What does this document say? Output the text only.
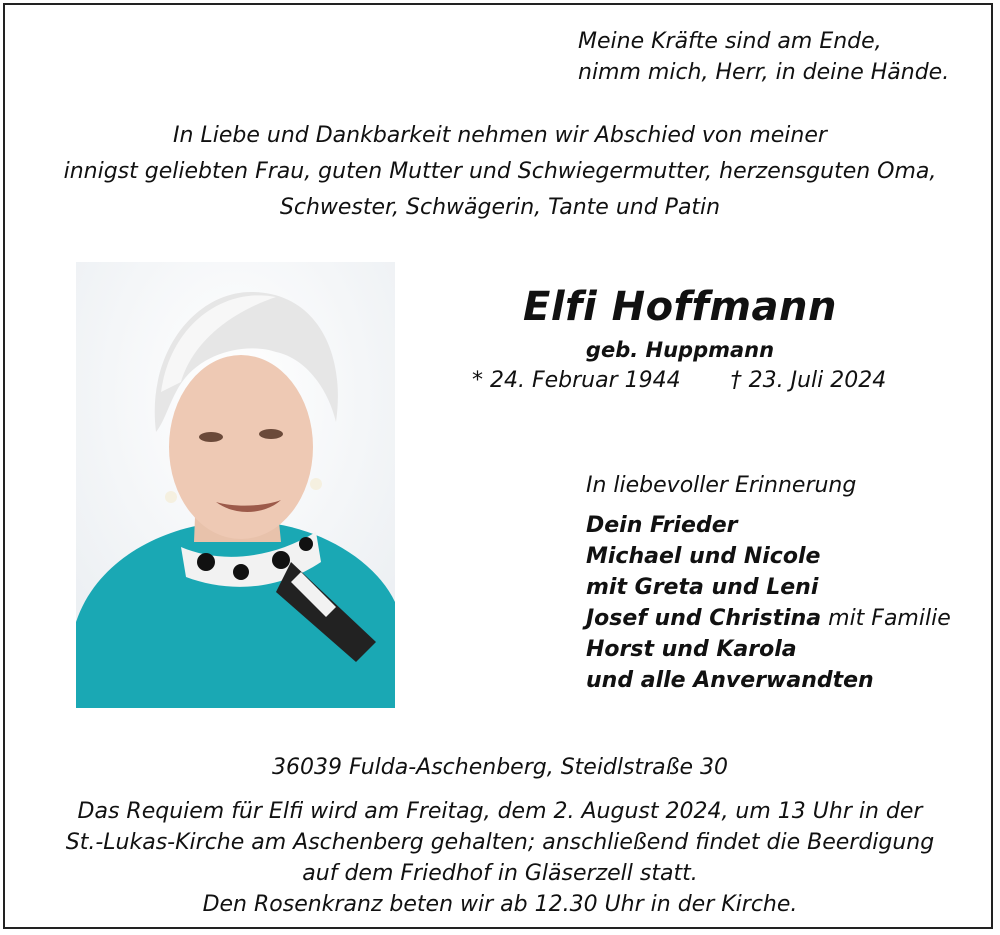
Meine Kräfte sind am Ende,
nimm mich, Herr, in deine Hände.
In Liebe und Dankbarkeit nehmen wir Abschied von meiner
innigst geliebten Frau, guten Mutter und Schwiegermutter, herzensguten Oma,
Schwester, Schwägerin, Tante und Patin
Elfi Hoffmann
geb. Huppmann
* 24. Februar 1944 † 23. Juli 2024
In liebevoller Erinnerung
Dein Frieder
Michael und Nicole
mit Greta und Leni
Josef und Christina mit Familie
Horst und Karola
und alle Anverwandten
36039 Fulda-Aschenberg, Steidlstraße 30
Das Requiem für Elfi wird am Freitag, dem 2. August 2024, um 13 Uhr in der
St.-Lukas-Kirche am Aschenberg gehalten; anschließend findet die Beerdigung
auf dem Friedhof in Gläserzell statt.
Den Rosenkranz beten wir ab 12.30 Uhr in der Kirche.
